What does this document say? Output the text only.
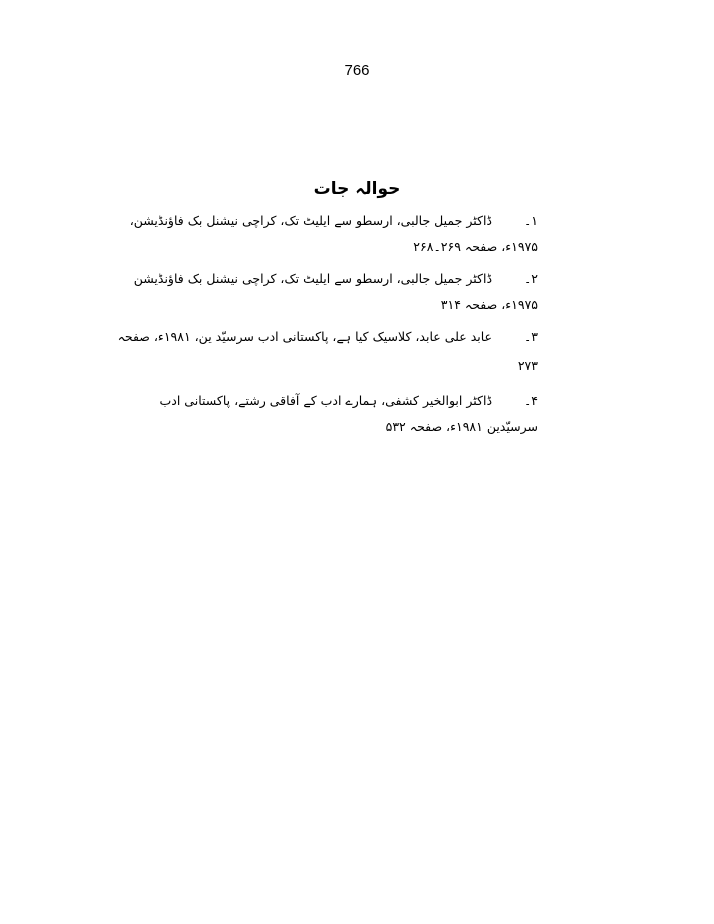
766
حوالہ جات
۱۔ ڈاکٹر جمیل جالبی، ارسطو سے ایلیٹ تک، کراچی نیشنل بک فاؤنڈیشن،
۱۹۷۵ء، صفحہ ۲۶۹۔۲۶۸
۲۔ ڈاکٹر جمیل جالبی، ارسطو سے ایلیٹ تک، کراچی نیشنل بک فاؤنڈیشن
۱۹۷۵ء، صفحہ ۳۱۴
۳۔ عابد علی عابد، کلاسیک کیا ہے، پاکستانی ادب سرسیّد ین، ۱۹۸۱ء، صفحہ
۲۷۳
۴۔ ڈاکٹر ابوالخیر کشفی، ہمارے ادب کے آفاقی رشتے، پاکستانی ادب
سرسیّدین ۱۹۸۱ء، صفحہ ۵۳۲
